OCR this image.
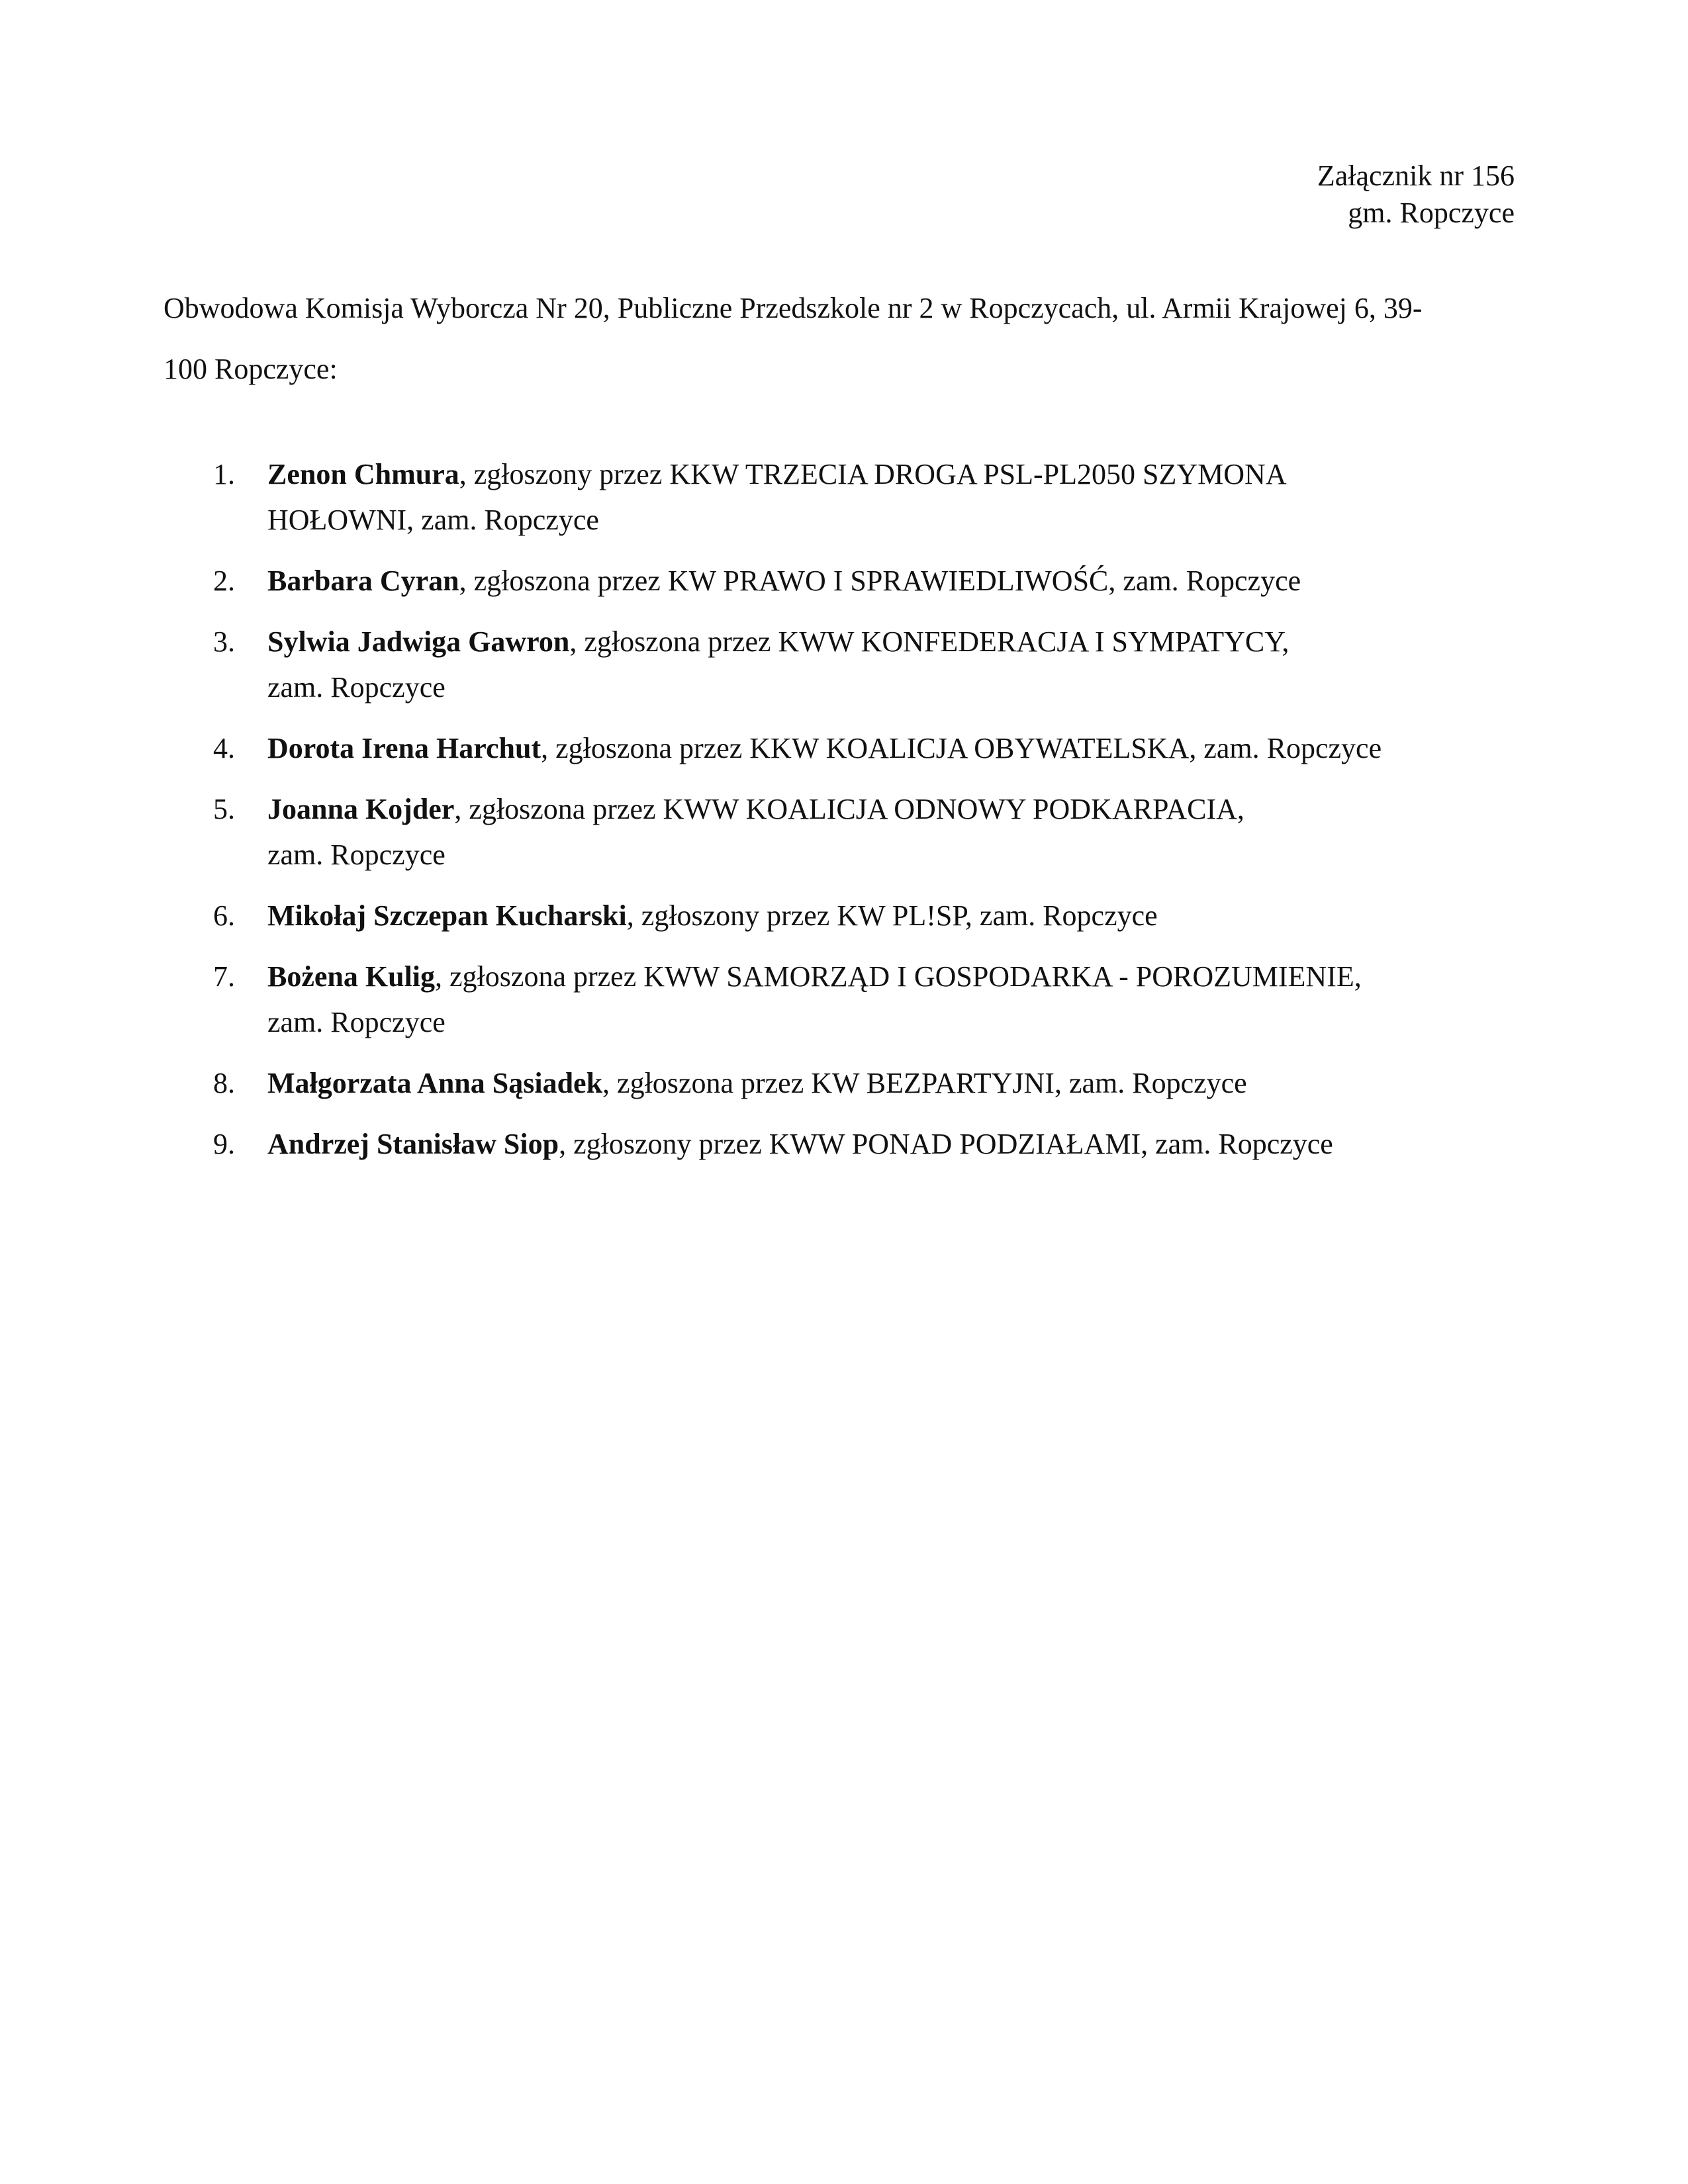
Załącznik nr 156
gm. Ropczyce
Obwodowa Komisja Wyborcza Nr 20, Publiczne Przedszkole nr 2 w Ropczycach, ul. Armii Krajowej 6, 39-
100 Ropczyce:
1. Zenon Chmura, zgłoszony przez KKW TRZECIA DROGA PSL-PL2050 SZYMONA
HOŁOWNI, zam. Ropczyce
2. Barbara Cyran, zgłoszona przez KW PRAWO I SPRAWIEDLIWOŚĆ, zam. Ropczyce
3. Sylwia Jadwiga Gawron, zgłoszona przez KWW KONFEDERACJA I SYMPATYCY,
zam. Ropczyce
4. Dorota Irena Harchut, zgłoszona przez KKW KOALICJA OBYWATELSKA, zam. Ropczyce
5. Joanna Kojder, zgłoszona przez KWW KOALICJA ODNOWY PODKARPACIA,
zam. Ropczyce
6. Mikołaj Szczepan Kucharski, zgłoszony przez KW PL!SP, zam. Ropczyce
7. Bożena Kulig, zgłoszona przez KWW SAMORZĄD I GOSPODARKA - POROZUMIENIE,
zam. Ropczyce
8. Małgorzata Anna Sąsiadek, zgłoszona przez KW BEZPARTYJNI, zam. Ropczyce
9. Andrzej Stanisław Siop, zgłoszony przez KWW PONAD PODZIAŁAMI, zam. Ropczyce
